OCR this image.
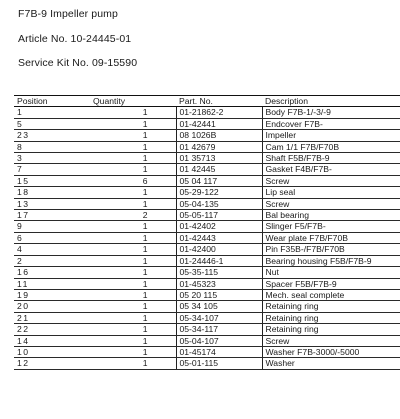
F7B-9 Impeller pump
Article No. 10-24445-01
Service Kit No. 09-15590
Position	Quantity	Part. No.	Description
1	1	01-21862-2	Body F7B-1/-3/-9
5	1	01-42441	Endcover F7B-
23	1	08 1026B	Impeller
8	1	01 42679	Cam 1/1 F7B/F70B
3	1	01 35713	Shaft F5B/F7B-9
7	1	01 42445	Gasket F4B/F7B-
15	6	05 04 117	Screw
18	1	05-29-122	Lip seal
13	1	05-04-135	Screw
17	2	05-05-117	Bal bearing
9	1	01-42402	Slinger F5/F7B-
6	1	01-42443	Wear plate F7B/F70B
4	1	01-42400	Pin F35B-/F7B/F70B
2	1	01-24446-1	Bearing housing F5B/F7B-9
16	1	05-35-115	Nut
11	1	01-45323	Spacer F5B/F7B-9
19	1	05 20 115	Mech. seal complete
20	1	05 34 105	Retaining ring
21	1	05-34-107	Retaining ring
22	1	05-34-117	Retaining ring
14	1	05-04-107	Screw
10	1	01-45174	Washer F7B-3000/-5000
12	1	05-01-115	Washer
